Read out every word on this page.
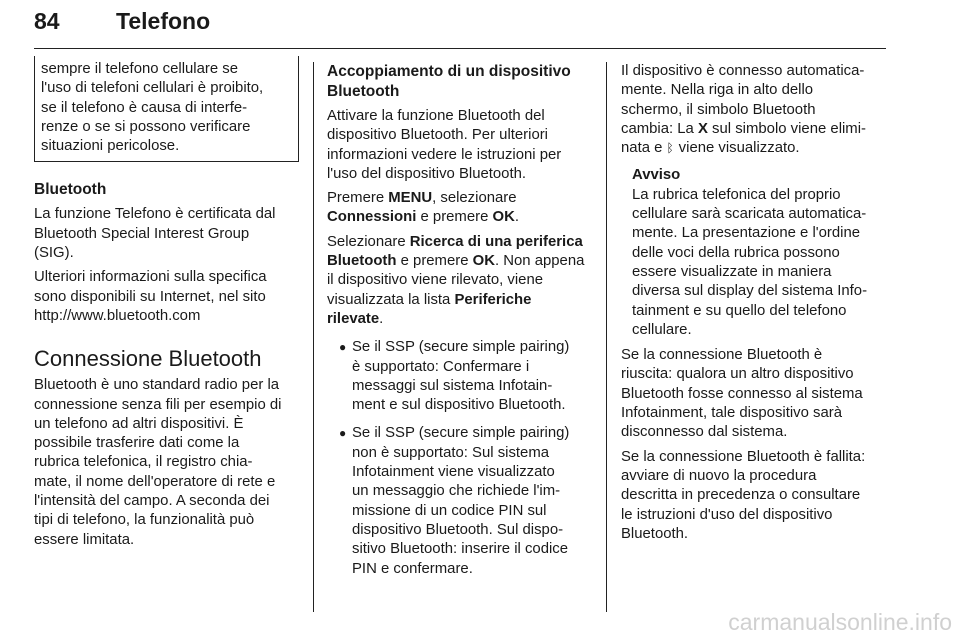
84 Telefono
sempre il telefono cellulare se
l'uso di telefoni cellulari è proibito,
se il telefono è causa di interfe-
renze o se si possono verificare
situazioni pericolose.
Bluetooth

La funzione Telefono è certificata dal
Bluetooth Special Interest Group
(SIG).

Ulteriori informazioni sulla specifica
sono disponibili su Internet, nel sito
http://www.bluetooth.com

Connessione Bluetooth

Bluetooth è uno standard radio per la
connessione senza fili per esempio di
un telefono ad altri dispositivi. È
possibile trasferire dati come la
rubrica telefonica, il registro chia-
mate, il nome dell'operatore di rete e
l'intensità del campo. A seconda dei
tipi di telefono, la funzionalità può
essere limitata.

Accoppiamento di un dispositivo
Bluetooth

Attivare la funzione Bluetooth del
dispositivo Bluetooth. Per ulteriori
informazioni vedere le istruzioni per
l'uso del dispositivo Bluetooth.

Premere MENU, selezionare
Connessioni e premere OK.

Selezionare Ricerca di una periferica
Bluetooth e premere OK. Non appena
il dispositivo viene rilevato, viene
visualizzata la lista Periferiche
rilevate.

● Se il SSP (secure simple pairing)
è supportato: Confermare i
messaggi sul sistema Infotain-
ment e sul dispositivo Bluetooth.
● Se il SSP (secure simple pairing)
non è supportato: Sul sistema
Infotainment viene visualizzato
un messaggio che richiede l'im-
missione di un codice PIN sul
dispositivo Bluetooth. Sul dispo-
sitivo Bluetooth: inserire il codice
PIN e confermare.

Il dispositivo è connesso automatica-
mente. Nella riga in alto dello
schermo, il simbolo Bluetooth
cambia: La X sul simbolo viene elimi-
nata e ᛒ viene visualizzato.

Avviso
La rubrica telefonica del proprio
cellulare sarà scaricata automatica-
mente. La presentazione e l'ordine
delle voci della rubrica possono
essere visualizzate in maniera
diversa sul display del sistema Info-
tainment e su quello del telefono
cellulare.

Se la connessione Bluetooth è
riuscita: qualora un altro dispositivo
Bluetooth fosse connesso al sistema
Infotainment, tale dispositivo sarà
disconnesso dal sistema.

Se la connessione Bluetooth è fallita:
avviare di nuovo la procedura
descritta in precedenza o consultare
le istruzioni d'uso del dispositivo
Bluetooth.

carmanualsonline.info
